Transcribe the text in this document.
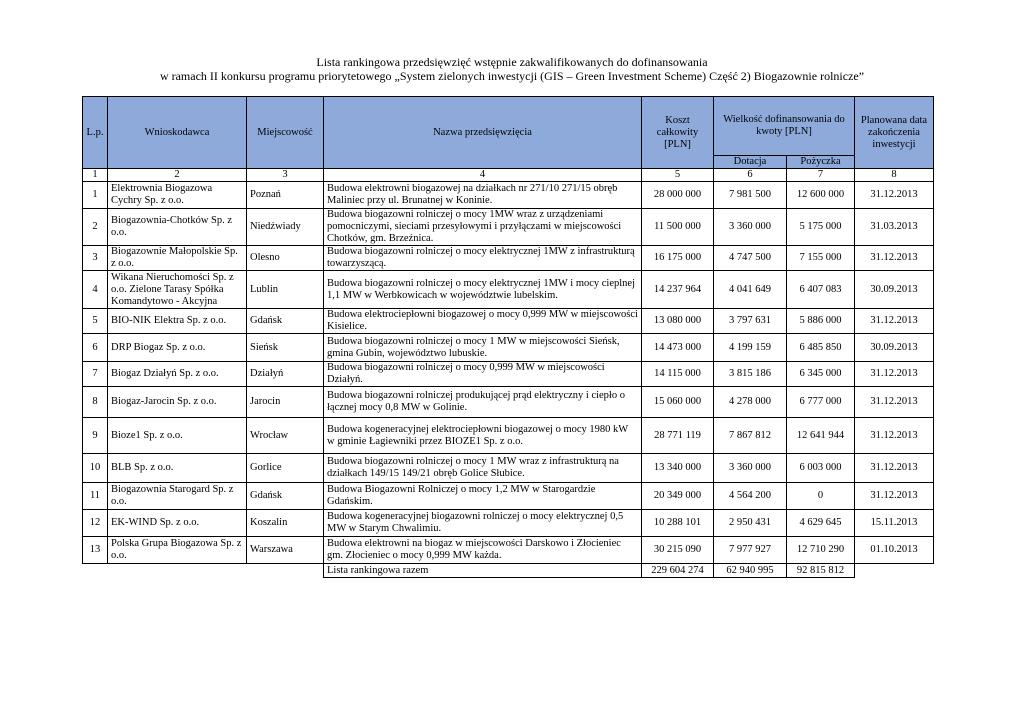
Lista rankingowa przedsięwzięć wstępnie zakwalifikowanych do dofinansowania
w ramach II konkursu programu priorytetowego „System zielonych inwestycji (GIS – Green Investment Scheme) Część 2) Biogazownie rolnicze”
L.p.	Wnioskodawca	Miejscowość	Nazwa przedsięwzięcia	Koszt całkowity [PLN]	Wielkość dofinansowania do kwoty [PLN]		Planowana data zakończenia inwestycji
					Dotacja	Pożyczka	
1	2	3	4	5	6	7	8
1	Elektrownia Biogazowa Cychry Sp. z o.o.	Poznań	Budowa elektrowni biogazowej na działkach nr 271/10 271/15 obręb Maliniec przy ul. Brunatnej w Koninie.	28 000 000	7 981 500	12 600 000	31.12.2013
2	Biogazownia-Chotków Sp. z o.o.	Niedźwiady	Budowa biogazowni rolniczej o mocy 1MW wraz z urządzeniami pomocniczymi, sieciami przesyłowymi i przyłączami w miejscowości Chotków, gm. Brzeźnica.	11 500 000	3 360 000	5 175 000	31.03.2013
3	Biogazownie Małopolskie Sp. z o.o.	Olesno	Budowa biogazowni rolniczej o mocy elektrycznej 1MW z infrastrukturą towarzyszącą.	16 175 000	4 747 500	7 155 000	31.12.2013
4	Wikana Nieruchomości Sp. z o.o. Zielone Tarasy Spółka Komandytowo - Akcyjna	Lublin	Budowa biogazowni rolniczej o mocy elektrycznej 1MW i mocy cieplnej 1,1 MW w Werbkowicach w województwie lubelskim.	14 237 964	4 041 649	6 407 083	30.09.2013
5	BIO-NIK Elektra Sp. z o.o.	Gdańsk	Budowa elektrociepłowni biogazowej o mocy 0,999 MW w miejscowości Kisielice.	13 080 000	3 797 631	5 886 000	31.12.2013
6	DRP Biogaz Sp. z o.o.	Sieńsk	Budowa biogazowni rolniczej o mocy 1 MW w miejscowości Sieńsk, gmina Gubin, województwo lubuskie.	14 473 000	4 199 159	6 485 850	30.09.2013
7	Biogaz Działyń Sp. z o.o.	Działyń	Budowa biogazowni rolniczej o mocy 0,999 MW w miejscowości Działyń.	14 115 000	3 815 186	6 345 000	31.12.2013
8	Biogaz-Jarocin Sp. z o.o.	Jarocin	Budowa biogazowni rolniczej produkującej prąd elektryczny i ciepło o łącznej mocy 0,8 MW w Golinie.	15 060 000	4 278 000	6 777 000	31.12.2013
9	Bioze1 Sp. z o.o.	Wrocław	Budowa kogeneracyjnej elektrociepłowni biogazowej o mocy 1980 kW w gminie Łagiewniki przez BIOZE1 Sp. z o.o.	28 771 119	7 867 812	12 641 944	31.12.2013
10	BLB Sp. z o.o.	Gorlice	Budowa biogazowni rolniczej o mocy 1 MW wraz z infrastrukturą na działkach 149/15 149/21 obręb Golice Słubice.	13 340 000	3 360 000	6 003 000	31.12.2013
11	Biogazownia Starogard Sp. z o.o.	Gdańsk	Budowa Biogazowni Rolniczej o mocy 1,2 MW w Starogardzie Gdańskim.	20 349 000	4 564 200	0	31.12.2013
12	EK-WIND Sp. z o.o.	Koszalin	Budowa kogeneracyjnej biogazowni rolniczej o mocy elektrycznej 0,5 MW w Starym Chwalimiu.	10 288 101	2 950 431	4 629 645	15.11.2013
13	Polska Grupa Biogazowa Sp. z o.o.	Warszawa	Budowa elektrowni na biogaz w miejscowości Darskowo i Złocieniec gm. Złocieniec o mocy 0,999 MW każda.	30 215 090	7 977 927	12 710 290	01.10.2013
			Lista rankingowa razem	229 604 274	62 940 995	92 815 812	
